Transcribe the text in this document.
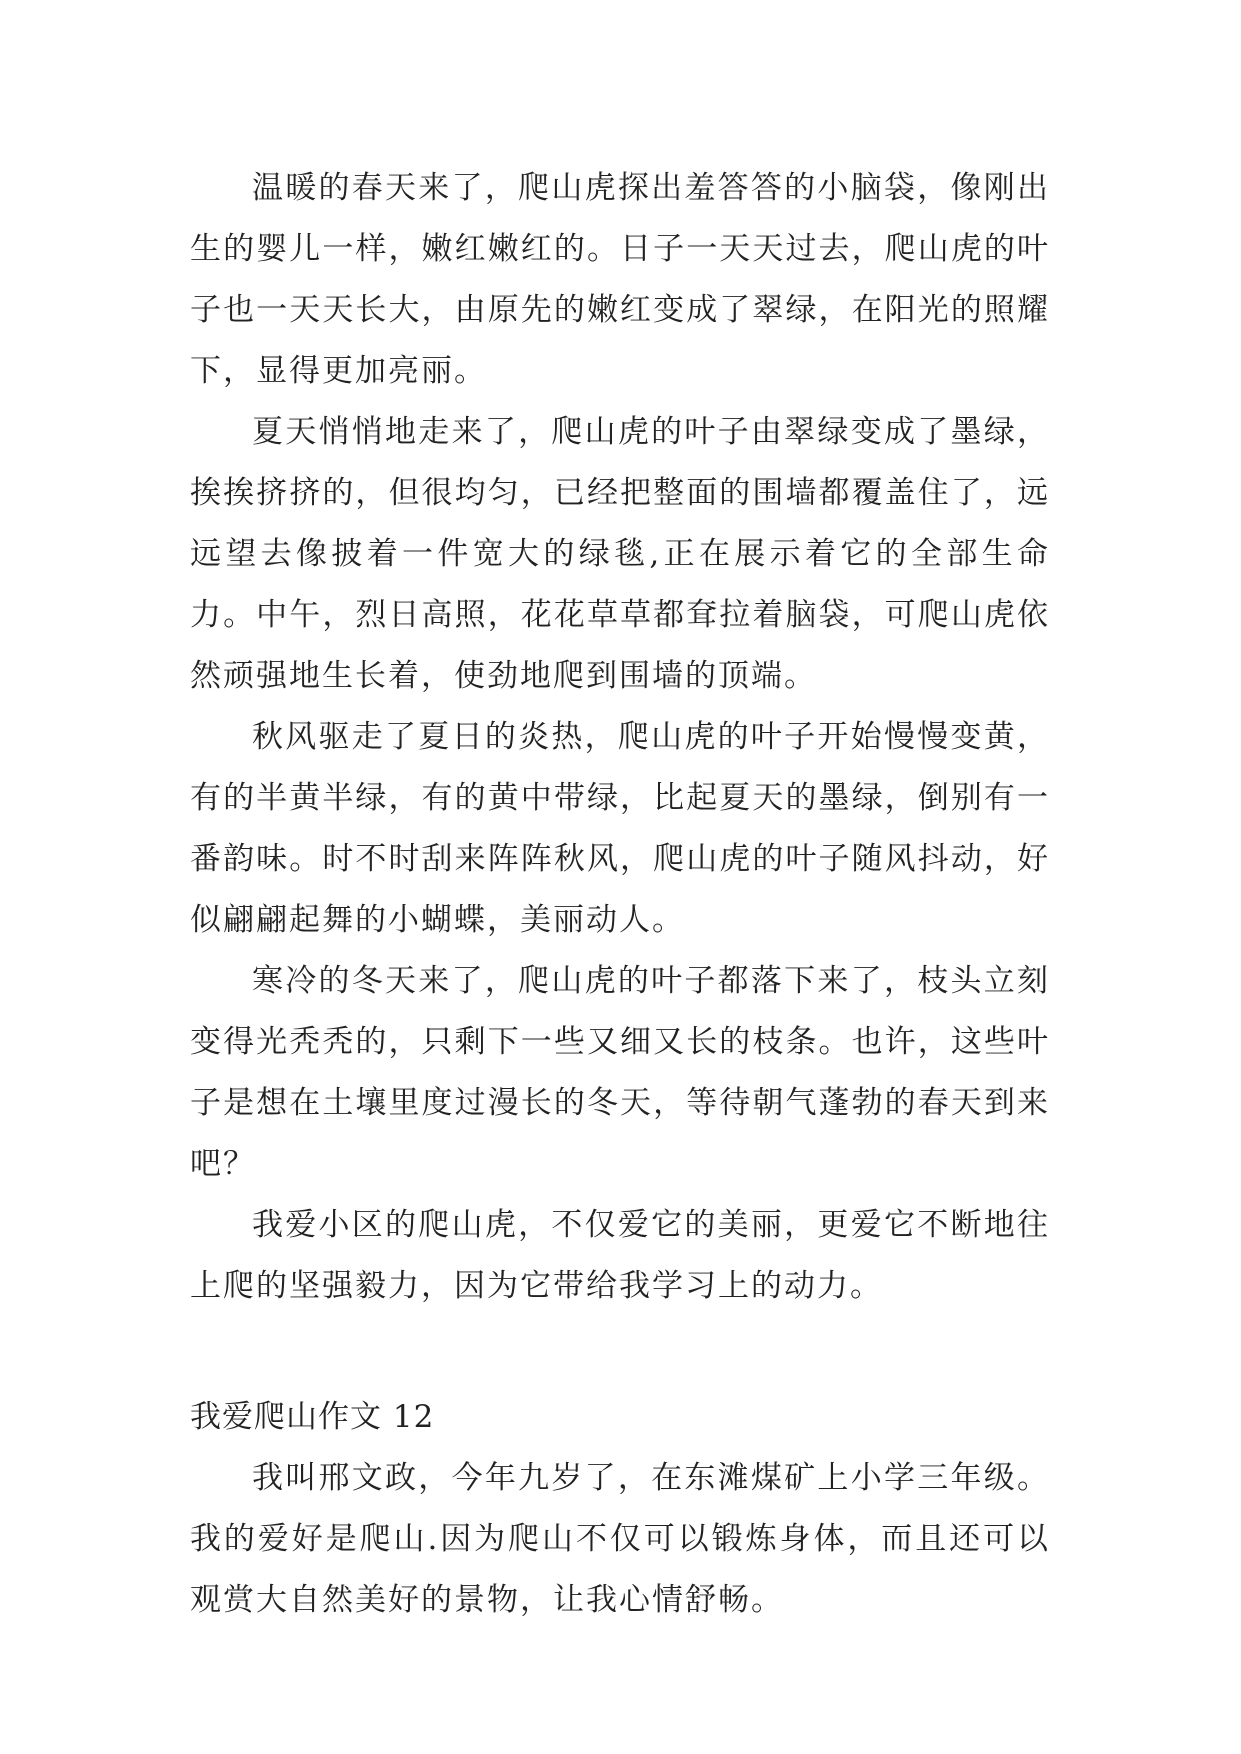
温暖的春天来了，爬山虎探出羞答答的小脑袋，像刚出生的婴儿一样，嫩红嫩红的。日子一天天过去，爬山虎的叶子也一天天长大，由原先的嫩红变成了翠绿，在阳光的照耀下，显得更加亮丽。

夏天悄悄地走来了，爬山虎的叶子由翠绿变成了墨绿，挨挨挤挤的，但很均匀，已经把整面的围墙都覆盖住了，远远望去像披着一件宽大的绿毯,正在展示着它的全部生命力。中午，烈日高照，花花草草都耷拉着脑袋，可爬山虎依然顽强地生长着，使劲地爬到围墙的顶端。

秋风驱走了夏日的炎热，爬山虎的叶子开始慢慢变黄，有的半黄半绿，有的黄中带绿，比起夏天的墨绿，倒别有一番韵味。时不时刮来阵阵秋风，爬山虎的叶子随风抖动，好似翩翩起舞的小蝴蝶，美丽动人。

寒冷的冬天来了，爬山虎的叶子都落下来了，枝头立刻变得光秃秃的，只剩下一些又细又长的枝条。也许，这些叶子是想在土壤里度过漫长的冬天，等待朝气蓬勃的春天到来吧？

我爱小区的爬山虎，不仅爱它的美丽，更爱它不断地往上爬的坚强毅力，因为它带给我学习上的动力。

我爱爬山作文 12

我叫邢文政，今年九岁了，在东滩煤矿上小学三年级。我的爱好是爬山.因为爬山不仅可以锻炼身体，而且还可以观赏大自然美好的景物，让我心情舒畅。
